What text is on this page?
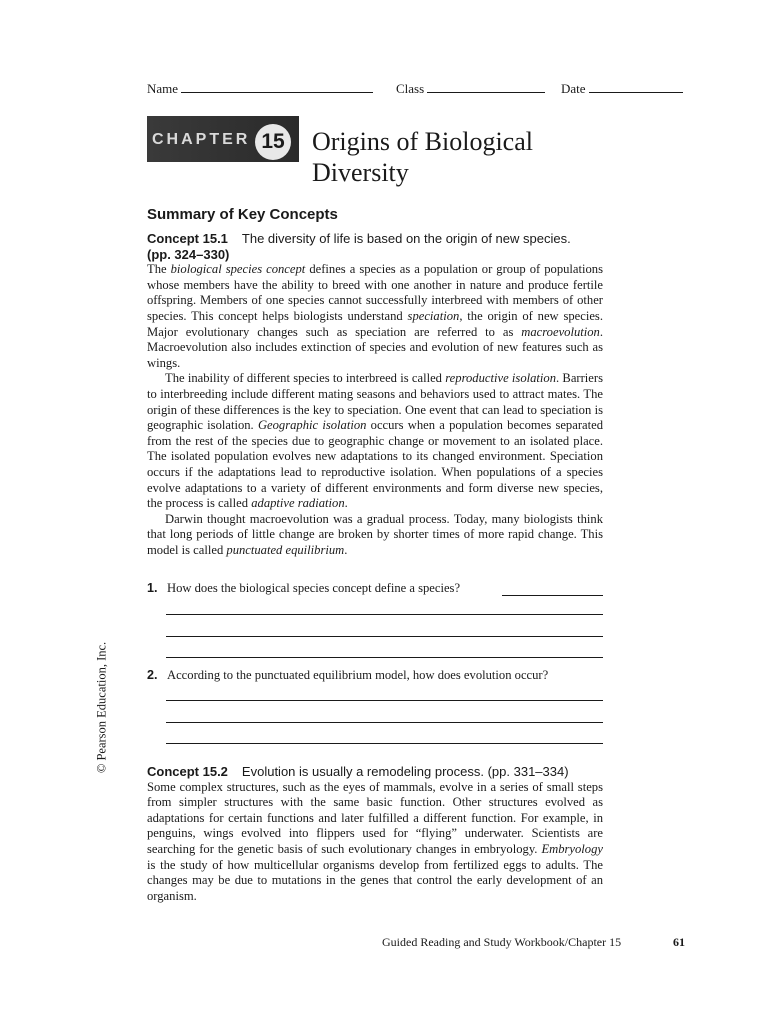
Name	Class	Date
CHAPTER 15 Origins of Biological
Diversity
Summary of Key Concepts
Concept 15.1 The diversity of life is based on the origin of new species.
(pp. 324–330)

The biological species concept defines a species as a population or group of populations whose members have the ability to breed with one another in nature and produce fertile offspring. Members of one species cannot successfully interbreed with members of other species. This concept helps biologists understand speciation, the origin of new species. Major evolutionary changes such as speciation are referred to as macroevolution. Macroevolution also includes extinction of species and evolution of new features such as wings.

The inability of different species to interbreed is called reproductive isolation. Barriers to interbreeding include different mating seasons and behaviors used to attract mates. The origin of these differences is the key to speciation. One event that can lead to speciation is geographic isolation. Geographic isolation occurs when a population becomes separated from the rest of the species due to geographic change or movement to an isolated place. The isolated population evolves new adaptations to its changed environment. Speciation occurs if the adaptations lead to reproductive isolation. When populations of a species evolve adaptations to a variety of different environments and form diverse new species, the process is called adaptive radiation.

Darwin thought macroevolution was a gradual process. Today, many biologists think that long periods of little change are broken by shorter times of more rapid change. This model is called punctuated equilibrium.

1. How does the biological species concept define a species?
2. According to the punctuated equilibrium model, how does evolution occur?
Concept 15.2 Evolution is usually a remodeling process. (pp. 331–334)

Some complex structures, such as the eyes of mammals, evolve in a series of small steps from simpler structures with the same basic function. Other structures evolved as adaptations for certain functions and later fulfilled a different function. For example, in penguins, wings evolved into flippers used for “flying” underwater. Scientists are searching for the genetic basis of such evolutionary changes in embryology. Embryology is the study of how multicellular organisms develop from fertilized eggs to adults. The changes may be due to mutations in the genes that control the early development of an organism.

© Pearson Education, Inc.
Guided Reading and Study Workbook/Chapter 15	61
